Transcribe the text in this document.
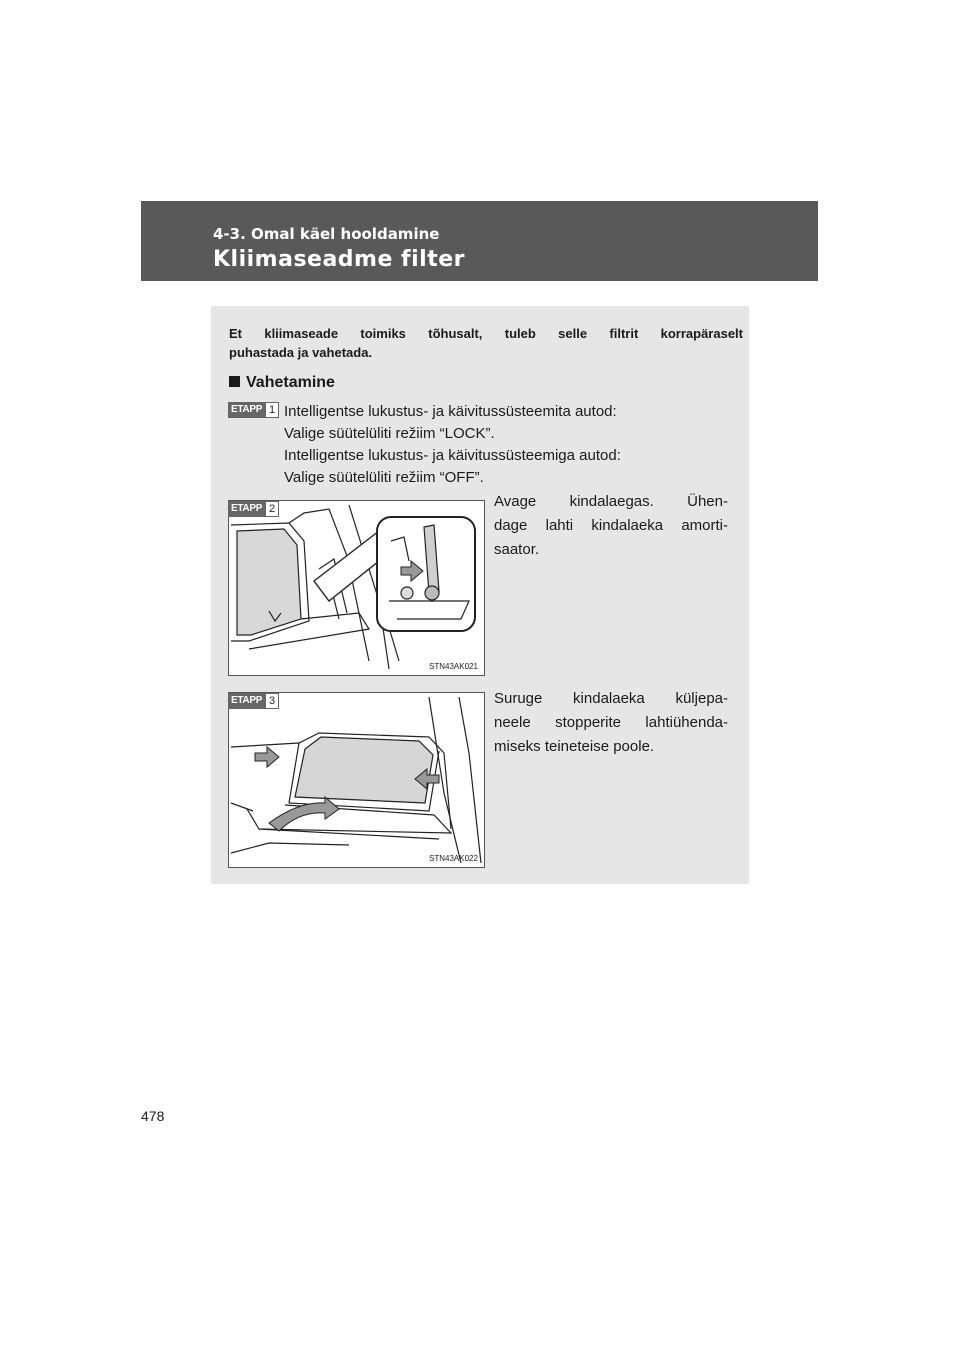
4-3. Omal käel hooldamine
Kliimaseadme filter
Et kliimaseade toimiks tõhusalt, tuleb selle filtrit korrapäraselt
puhastada ja vahetada.
Vahetamine
ETAPP 1 Intelligentse lukustus- ja käivitussüsteemita autod:
Valige süütelüliti režiim “LOCK”.
Intelligentse lukustus- ja käivitussüsteemiga autod:
Valige süütelüliti režiim “OFF”.
ETAPP 2
STN43AK021
Avage kindalaegas. Ühen-
dage lahti kindalaeka amorti-
saator.
ETAPP 3
STN43AK022
Suruge kindalaeka küljepa-
neele stopperite lahtiühenda-
miseks teineteise poole.
478
